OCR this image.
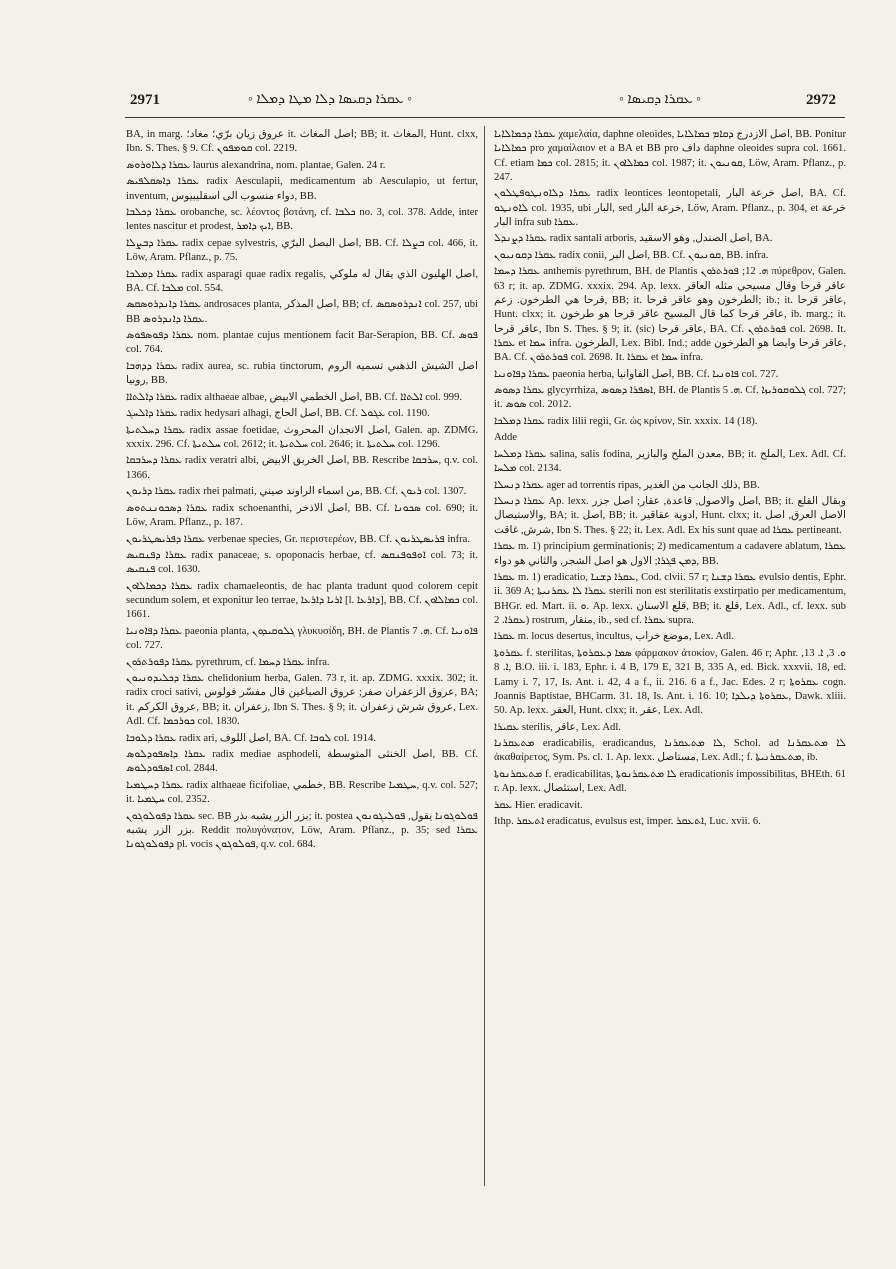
2971	◦ ܥܩܪܐ ܕܩܝܣܐ ܕܠܐ ܡܛܐ ܕܡܠܐ ◦	◦ ܥܩܪܐ ܕܩܝܣܐ ◦	2972

BA, in marg. عروق زيان برّي؛ مغاد؛ it. اصل المغاث; BB; it. المغاث, Hunt. clxx, Ibn. S. Thes. § 9. Cf. ܩܘܡܦܘܢ col. 2219.

ܥܩܪܐ ܕܠܐܘܪܘܣ laurus alexandrina, nom. plantae, Galen. 24 r.

ܥܩܪܐ ܕܐܣܩܠܦܝܣ radix Aesculapii, medicamentum ab Aesculapio, ut fertur, inventum, دواء منسوب الى اسقليبيوس, BB.

ܥܩܪܐ ܕܟܠܒܐ orobanche, sc. λέοντος βοτάνη, cf. ܟܠܒܐ no. 3, col. 378. Adde, inter lentes nascitur et prodest, ܐܝܟ ܕܐܡܪ, BB.

ܥܩܪܐ ܕܒܨܠܐ radix cepae sylvestris, اصل البصل البرّي, BB. Cf. ܒܨܠܐ col. 466, it. Löw, Aram. Pflanz., p. 75.

ܥܩܪܐ ܕܡܠܟܐ radix asparagi quae radix regalis, اصل الهليون الذي يقال له ملوكي, BA. Cf. ܡܠܟܐ col. 554.

ܥܩܪܐ ܕܐܢܕܪܘܣܩܣ androsaces planta, اصل المذكر, BB; cf. ܐܢܕܪܘܣܩܣ col. 257, ubi BB ܥܩܪܐ ܕܐܢܕܪܘܣ.

ܥܩܪܐ ܕܦܘܣܦܘܣ nom. plantae cujus mentionem facit Bar-Serapion, BB. Cf. ܦܘܣ col. 764.

ܥܩܪܐ ܕܕܗܒܐ radix aurea, sc. rubia tinctorum, اصل الشيش الذهبي تسميه الروم روبيا, BB.

ܥܩܪܐ ܕܐܠܬܐܐ radix althaeae albae, اصل الخطمي الابيض, BB. Cf. ܐܠܬܐܐ col. 999.

ܥܩܪܐ ܕܐܠܚܓ radix hedysari alhagi, اصل الحاج, BB. Cf. ܥܓܘܠ col. 1190.

ܥܩܪܐ ܕܚܠܬܝܬܐ radix assae foetidae, اصل الانجدان المحروث, Galen. ap. ZDMG. xxxix. 296. Cf. ܚܠܬܝܬܐ col. 2612; it. ܚܠܬܝܬܐ col. 2646; it. ܚܠܬܝܬܐ col. 1296.

ܥܩܪܐ ܕܚܪܒܩܐ radix veratri albi, اصل الخربق الابيض, BB. Rescribe ܚܪܒܩܐ, q.v. col. 1366.

ܥܩܪܐ ܕܪܝܘܢ radix rhei palmati, من اسماء الراوند صيني, BB. Cf. ܪܝܘܢ col. 1307.

ܥܩܪܐ ܕܣܟܘܢܢܬܘܣ radix schoenanthi, اصل الاذخر, BB. Cf. ܣܟܘܢܐ col. 690; it. Löw, Aram. Pflanz., p. 187.

ܥܩܪܐ ܕܦܪܝܣܛܪܝܘܢ verbenae species, Gr. περιστερέων, BB. Cf. ܦܪܝܣܛܪܝܘܢ infra.

ܥܩܪܐ ܕܦܢܩܝܣ radix panaceae, s. opoponacis herbae, cf. ܐܘܦܘܦܢܩܣ col. 73; it. ܦܢܩܝܣ col. 1630.

ܥܩܪܐ ܕܟܡܐܠܐܘܢ radix chamaeleontis, de hac planta tradunt quod colorem cepit secundum solem, et exponitur leo terrae, ܐܪܝܐ ܕܐܪܥܐ [l. ܕܐܪܥܐ], BB. Cf. ܟܡܐܠܐܘܢ col. 1661.

ܥܩܪܐ ܕܦܐܘܢܝܐ paeonia planta, ܓܠܘܩܝܕܘܢ γλυκυσίδη, BH. de Plantis ܗ. 7. Cf. ܦܐܘܢܝܐ col. 727.

ܥܩܪܐ ܕܦܘܪܬܪܘܢ pyrethrum, cf. ܥܩܪܐ ܕܚܡܐ infra.

ܥܩܪܐ ܕܟܠܝܕܘܢܝܘܢ chelidonium herba, Galen. 73 r, it. ap. ZDMG. xxxix. 302; it. radix croci sativi, عروق الزعفران صفر; عروق الصباغين قال مفسّر فولوس, BA; it. عروق الكركم, BB; it. زعفران, Ibn S. Thes. § 9; it. عروق شرش زعفران, Lex. Adl. Cf. ܟܘܪܟܡܐ col. 1830.

ܥܩܪܐ ܕܠܘܒܐ radix ari, اصل اللوف, BA. Cf. ܠܘܒܐ col. 1914.

ܥܩܪܐ ܕܐܣܦܘܕܠܘܣ radix mediae asphodeli, اصل الخنثى المتوسطة, BB. Cf. ܐܣܦܘܕܠܘܣ col. 2844.

ܥܩܪܐ ܕܚܛܡܝܐ radix althaeae ficifoliae, خطمي, BB. Rescribe ܚܛܡܝܐ, q.v. col. 527; it. ܚܛܡܝܐ col. 2352.

ܥܩܪܐ ܕܦܘܠܘܓܘܢ sec. BB بزر الزر يشبه بذر; it. postea ܦܘܠܘܓܘܢܐ يقول, ܦܘܠܝܓܘܢܘܢ بزر الزر يشبه. Reddit πολυγόνατον, Löw, Aram. Pflanz., p. 35; sed ܥܩܪܐ ܕܦܘܠܘܓܘܢܐ pl. vocis ܦܘܠܘܓܘܢ, q.v. col. 684.

ܥܩܪܐ ܕܟܡܐܠܐܝܐ χαμελαία, daphne oleoides, اصل الازدرج ܕܩܐܡ ܟܡܐܠܐܝܐ, BB. Ponitur ܟܡܐܠܐܝܐ pro χαμαίλαιον et a BA et BB pro داف daphne oleoides supra col. 1661. Cf. etiam ܟܡܐ col. 2815; it. ܟܡܐܠܐܘܢ col. 1987; it. ܩܘܢܝܘܢ, Löw, Aram. Pflanz., p. 247.

ܥܩܪܐ ܕܠܐܘܢܛܘܦܛܠܘܢ radix leontices leontopetali, اصل خرعة البار, BA. Cf. ܠܐܘܢܛܘ col. 1935, ubi البار, sed خرعة البار, Löw, Aram. Pflanz., p. 304, et خرعة البار infra sub ܥܩܪܐ.

ܥܩܪܐ ܕܨܢܕܠ radix santali arboris, اصل الصندل, وهو الاسقيد, BA.

ܥܩܪܐ ܕܩܘܢܝܘܢ radix conii, اصل البر, BB. Cf. ܩܘܢܝܘܢ, BB. infra.

ܥܩܪܐ ܕܚܡܐ anthemis pyrethrum, BH. de Plantis ܗ. 12; ܦܘܪܬܪܘܢ πύρεθρον, Galen. 63 r; it. ap. ZDMG. xxxix. 294. Ap. lexx. عاقر قرحا وقال مسيحي مثله العاقر قرحا هي الطرخون. زعم, BB; it. الطرخون وهو عاقر قرحا; ib.; it. عاقر قرحا, Hunt. clxx; it. عاقر قرحا كما قال المسيح عاقر قرحا هو طرخون, ib. marg.; it. عاقر قرحا, Ibn S. Thes. § 9; it. (sic) عاقر قرحا, BA. Cf. ܦܘܪܬܪܘܢ col. 2698. It. ܥܩܪܐ et ܚܡܐ infra. الطرخون, Lex. Bibl. Ind.; adde عاقر قرحا وايضا هو الطرخون, BA. Cf. ܦܘܪܬܪܘܢ col. 2698. It. ܥܩܪܐ et ܚܡܐ infra.

ܥܩܪܐ ܕܦܐܘܢܝܐ paeonia herba, اصل الفاوانيا, BB. Cf. ܦܐܘܢܝܐ col. 727.

ܥܩܪܐ ܕܣܘܣ glycyrrhiza, ܐܣܦܪܐ ܕܣܘܣ, BH. de Plantis ܗ. 5. Cf. ܓܠܘܩܘܪܝܙܐ col. 727; it. ܣܘܣ col. 2012.

ܥܩܪܐ ܕܡܠܟܐ radix lilii regii, Gr. ὡς κρίνον, Sir. xxxix. 14 (18).

Adde

ܥܩܪܐ ܕܡܠܚܐ salina, salis fodina, معدن الملح والبازير, BB; it. الملح, Lex. Adl. Cf. ܡܠܚܐ col. 2134.

ܥܩܪܐ ܕܢܚܠܐ ager ad torrentis ripas, ذلك الجانب من الغدير, BB.

ܥܩܪܐ ܕܢܚܠܐ Ap. lexx. اصل والاصول, قاعدة, عقار; اصل جزر, BB; it. وبقال القلع والاستيصال, BA; it. اصل, BB; it. ادوية عقاقير, Hunt. clxx; it. الاصل العرق, اصل شرش, غاقت, Ibn S. Thes. § 22; it. Lex. Adl. Ex his sunt quae ad ܥܩܪܐ pertineant.

ܥܩܪܐ m. 1) principium germinationis; 2) medicamentum a cadavere ablatum, ܥܩܪܐ ܕܡܢ ܦܓܪܐ; الاول هو اصل الشجر, والثاني هو دواء, BB.

ܥܩܪܐ m. 1) eradicatio, ܥܩܪܐ ܕܫܢܐ, Cod. clvii. 57 r; ܥܩܪܐ ܕܫܢܐ evulsio dentis, Ephr. ii. 369 A; ܥܩܪܐ ܠܐ ܥܩܪܢܝܬܐ sterili non est sterilitatis exstirpatio per medicamentum, BHGr. ed. Mart. ii. ܘ. Ap. lexx. قلع الاسنان, BB; it. قلع, Lex. Adl., cf. lexx. sub ܥܩܪܐ. 2) rostrum, منقار, ib., sed cf. ܥܩܪܐ supra.

ܥܩܪܐ m. locus desertus, incultus, موضع خراب, Lex. Adl.

ܥܩܪܘܬܐ f. sterilitas, ܣܡܐ ܕܥܩܪܘܬܐ φάρμακον ἀτοκίον, Galen. 46 r; Aphr. ܘ. 3, ܐ. 13, ܐ. 8, B.O. iii. i. 183, Ephr. i. 4 B, 179 E, 321 B, 335 A, ed. Bick. xxxvii. 18, ed. Lamy i. 7, 17, Is. Ant. i. 42, 4 a f., ii. 216. 6 a f., Jac. Edes. 2 r; ܥܩܪܘܬܐ cogn. Joannis Baptistae, BHCarm. 31. 18, Is. Ant. i. 16. 10; ܥܩܪܘܬܐ ܕܝܠܕܐ, Dawk. xliii. 50. Ap. lexx. العقر, Hunt. clxx; it. عقر, Lex. Adl.

ܥܩܝܪܐ sterilis, عاقر, Lex. Adl.

ܡܬܥܩܪܢܐ eradicabilis, eradicandus, ܠܐ ܡܬܥܩܪܢܐ, Schol. ad ܠܐ ܡܬܥܩܪܢܐ ἀκαθαίρετος, Sym. Ps. cl. 1. Ap. lexx. مستاصل, Lex. Adl.; f. ܡܬܥܩܪܢܝܬܐ, ib.

ܡܬܥܩܪܢܘܬܐ f. eradicabilitas, ܠܐ ܡܬܥܩܪܢܘܬܐ eradicationis impossibilitas, BHEth. 61 r. Ap. lexx. استئصال, Lex. Adl.

ܥܩܪ Hier. eradicavit.

Ithp. ܐܬܥܩܪ eradicatus, evulsus est, imper. ܐܬܥܩܪ, Luc. xvii. 6.
